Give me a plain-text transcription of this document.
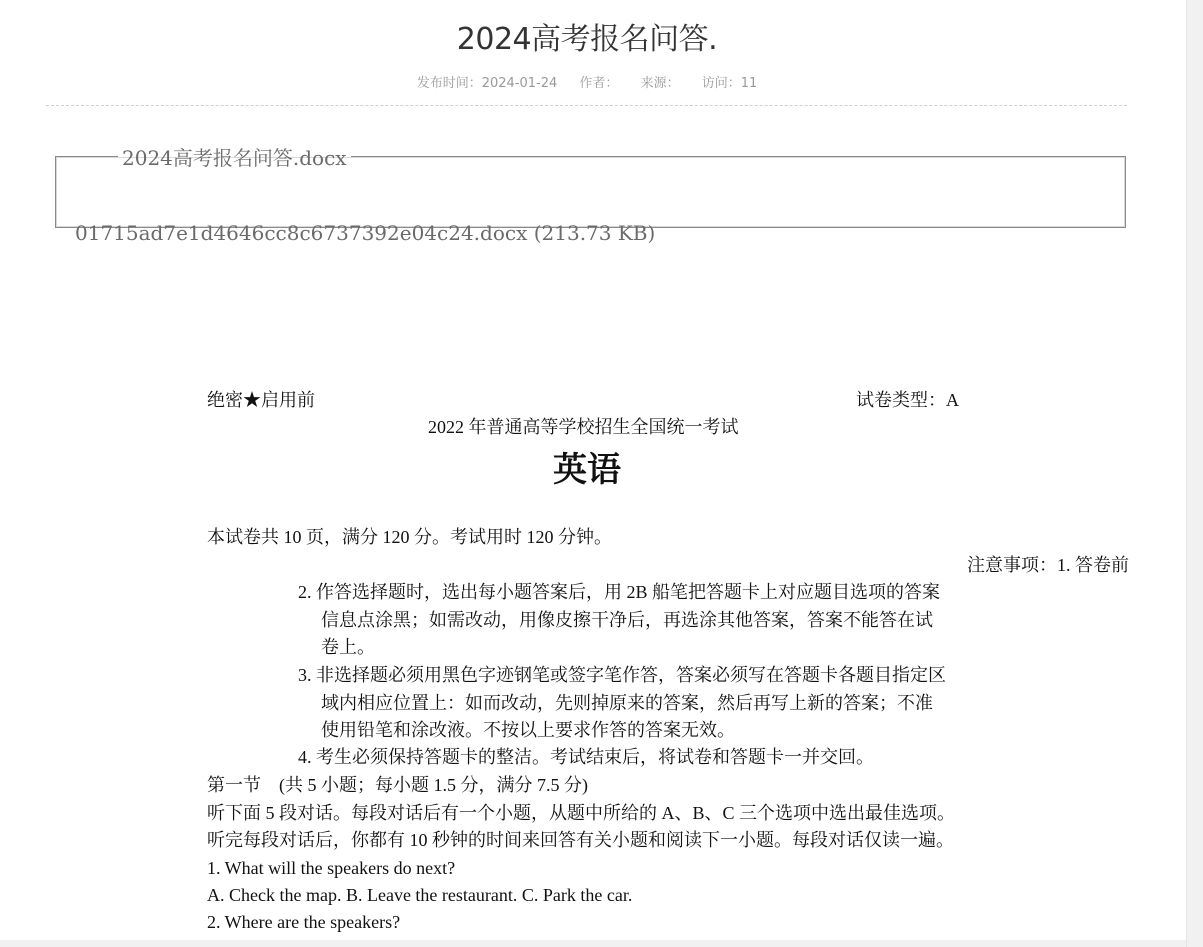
2024高考报名问答.
发布时间：2024-01-24 作者： 来源： 访问：11
2024高考报名问答.docx
01715ad7e1d4646cc8c6737392e04c24.docx (213.73 KB)
绝密★启用前	试卷类型：A
2022 年普通高等学校招生全国统一考试
英语
本试卷共 10 页，满分 120 分。考试用时 120 分钟。
注意事项：1. 答卷前
2. 作答选择题时，选出每小题答案后，用 2B 船笔把答题卡上对应题目选项的答案
信息点涂黑；如需改动，用像皮擦干净后，再选涂其他答案，答案不能答在试
卷上。
3. 非选择题必须用黑色字迹钢笔或签字笔作答，答案必须写在答题卡各题目指定区
域内相应位置上：如而改动，先则掉原来的答案，然后再写上新的答案；不准
使用铅笔和涂改液。不按以上要求作答的答案无效。
4. 考生必须保持答题卡的整洁。考试结束后，将试卷和答题卡一并交回。
第一节　(共 5 小题；每小题 1.5 分，满分 7.5 分)
听下面 5 段对话。每段对话后有一个小题，从题中所给的 A、B、C 三个选项中选出最佳选项。
听完每段对话后，你都有 10 秒钟的时间来回答有关小题和阅读下一小题。每段对话仅读一遍。
1. What will the speakers do next?
A. Check the map. B. Leave the restaurant. C. Park the car.
2. Where are the speakers?
